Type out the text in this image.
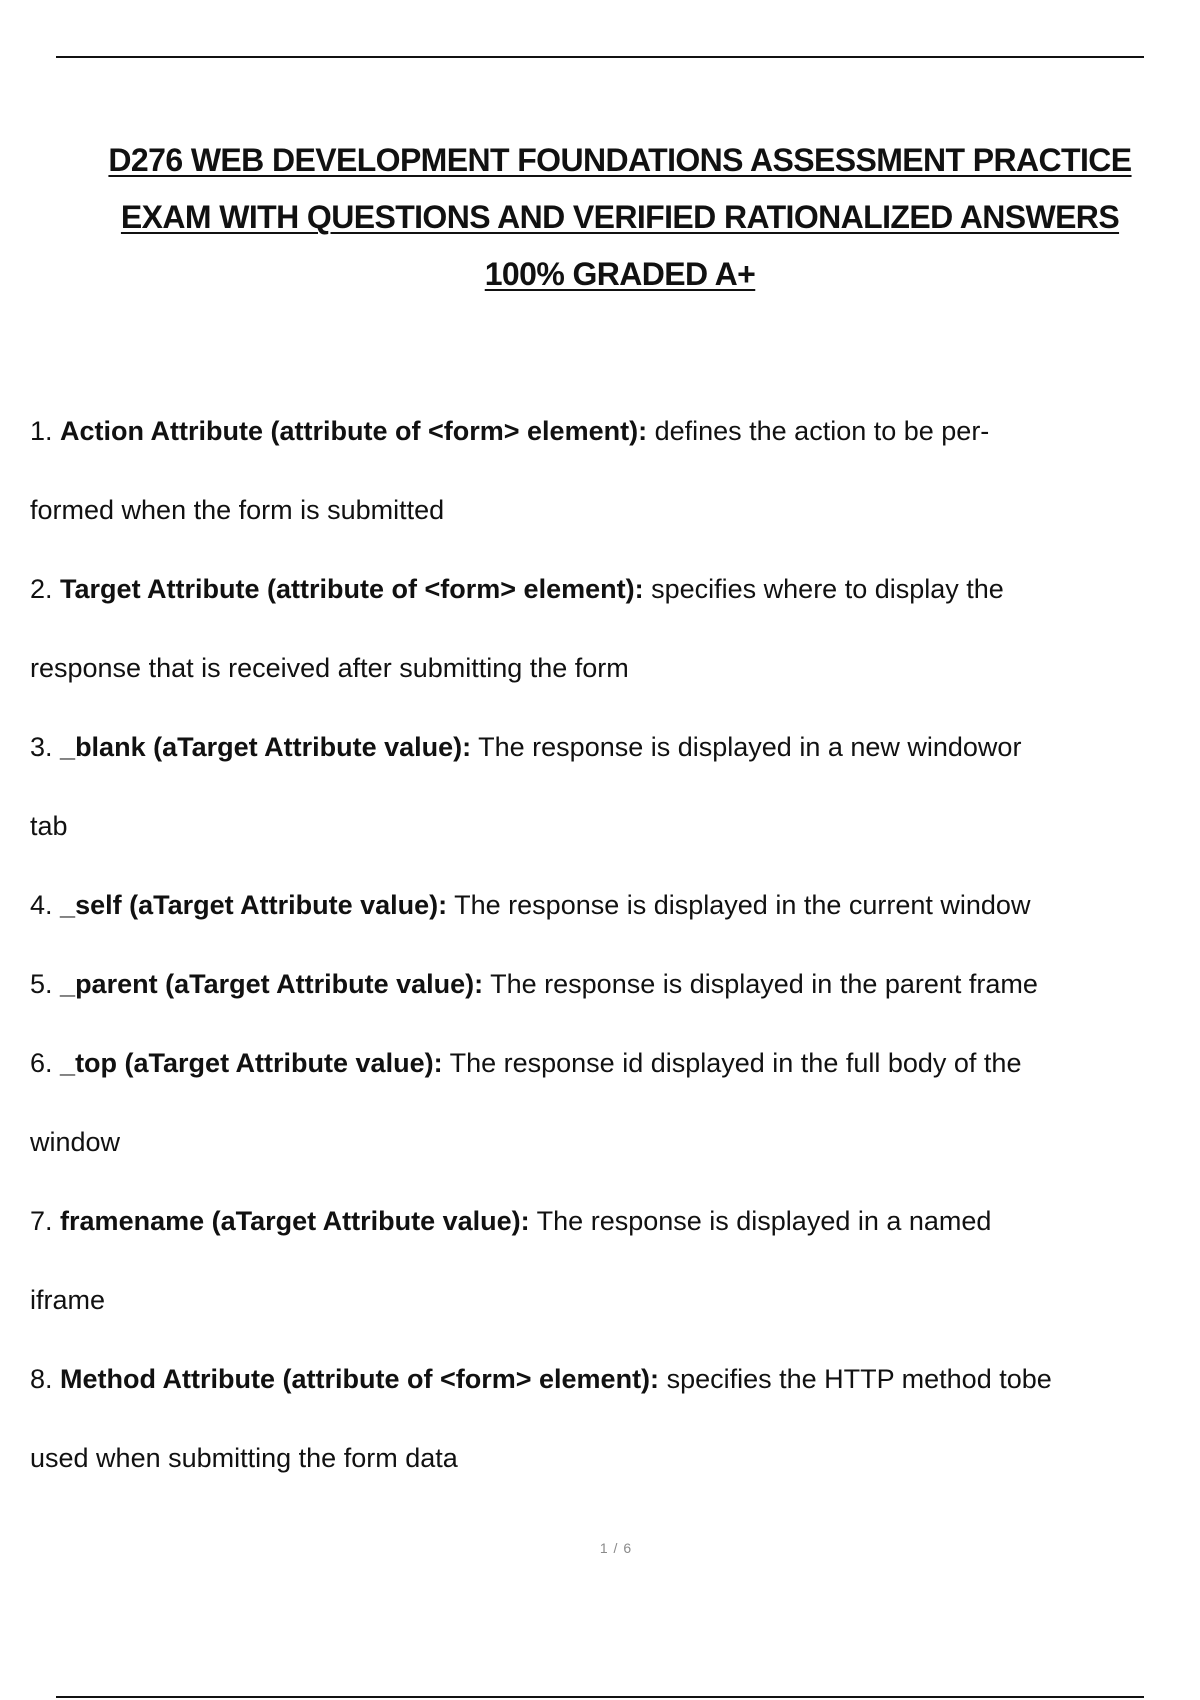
D276 WEB DEVELOPMENT FOUNDATIONS ASSESSMENT PRACTICE
EXAM WITH QUESTIONS AND VERIFIED RATIONALIZED ANSWERS
100% GRADED A+

1. Action Attribute (attribute of <form> element): defines the action to be per-

formed when the form is submitted

2. Target Attribute (attribute of <form> element): specifies where to display the

response that is received after submitting the form

3. _blank (aTarget Attribute value): The response is displayed in a new windowor

tab

4. _self (aTarget Attribute value): The response is displayed in the current window

5. _parent (aTarget Attribute value): The response is displayed in the parent frame

6. _top (aTarget Attribute value): The response id displayed in the full body of the

window

7. framename (aTarget Attribute value): The response is displayed in a named

iframe

8. Method Attribute (attribute of <form> element): specifies the HTTP method tobe

used when submitting the form data

1 / 6
